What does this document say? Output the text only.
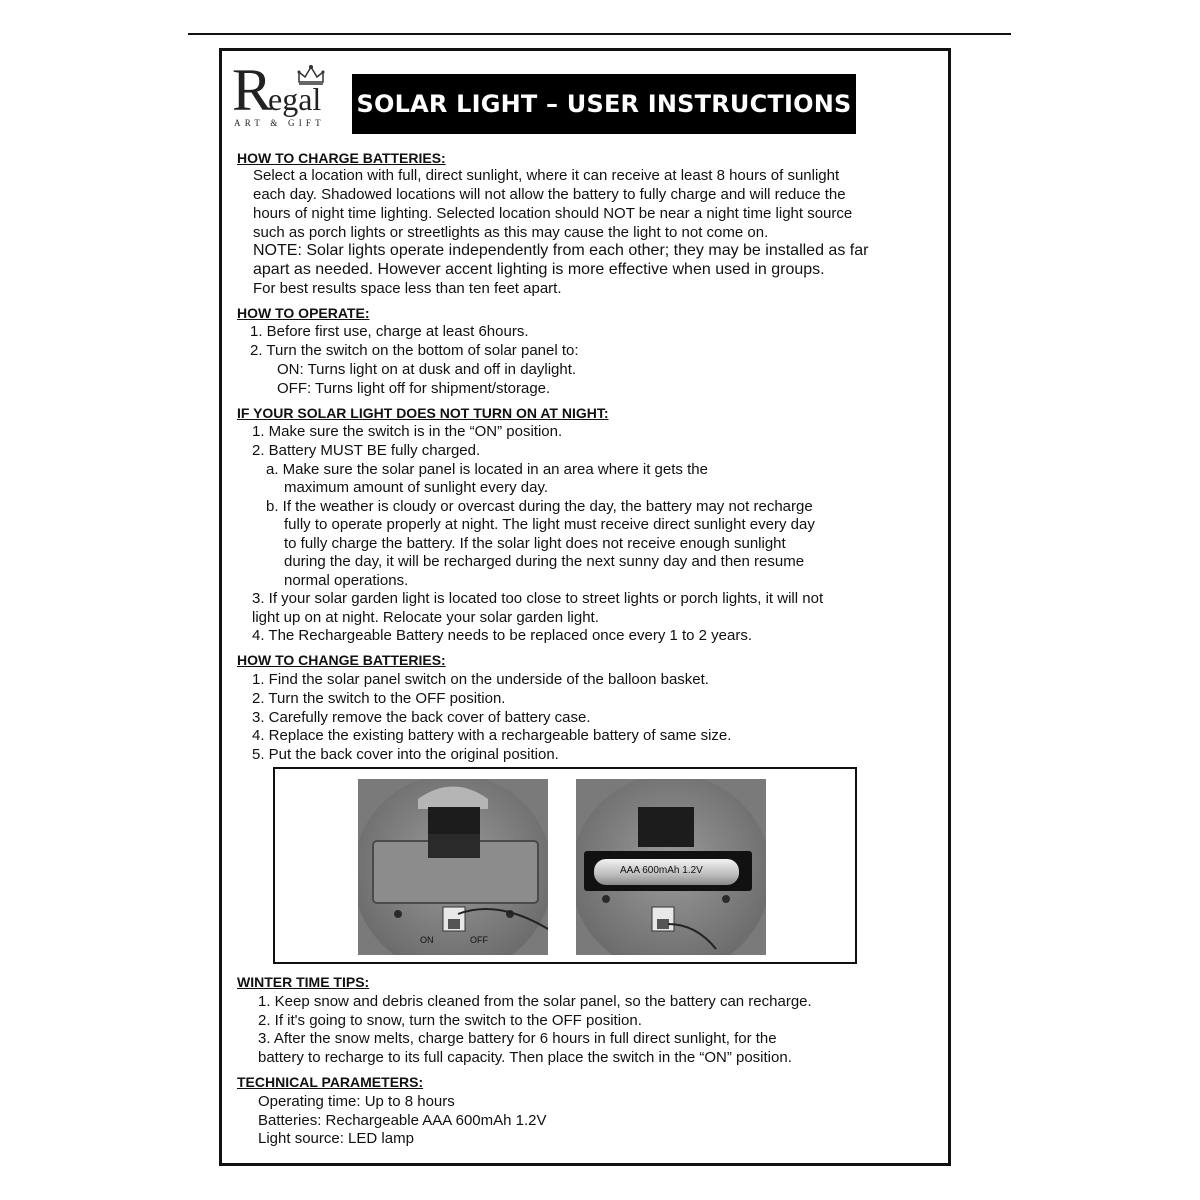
R
egal
ART & GIFT
SOLAR LIGHT – USER INSTRUCTIONS
HOW TO CHARGE BATTERIES:
Select a location with full, direct sunlight, where it can receive at least 8 hours of sunlight
each day. Shadowed locations will not allow the battery to fully charge and will reduce the
hours of night time lighting. Selected location should NOT be near a night time light source
such as porch lights or streetlights as this may cause the light to not come on.
NOTE: Solar lights operate independently from each other; they may be installed as far
apart as needed. However accent lighting is more effective when used in groups.
For best results space less than ten feet apart.
HOW TO OPERATE:
1. Before first use, charge at least 6hours.
2. Turn the switch on the bottom of solar panel to:
ON: Turns light on at dusk and off in daylight.
OFF: Turns light off for shipment/storage.
IF YOUR SOLAR LIGHT DOES NOT TURN ON AT NIGHT:
1. Make sure the switch is in the “ON” position.
2. Battery MUST BE fully charged.
a. Make sure the solar panel is located in an area where it gets the
maximum amount of sunlight every day.
b. If the weather is cloudy or overcast during the day, the battery may not recharge
fully to operate properly at night. The light must receive direct sunlight every day
to fully charge the battery. If the solar light does not receive enough sunlight
during the day, it will be recharged during the next sunny day and then resume
normal operations.
3. If your solar garden light is located too close to street lights or porch lights, it will not
light up on at night. Relocate your solar garden light.
4. The Rechargeable Battery needs to be replaced once every 1 to 2 years.
HOW TO CHANGE BATTERIES:
1. Find the solar panel switch on the underside of the balloon basket.
2. Turn the switch to the OFF position.
3. Carefully remove the back cover of battery case.
4. Replace the existing battery with a rechargeable battery of same size.
5. Put the back cover into the original position.
ON	OFF
AAA 600mAh 1.2V
WINTER TIME TIPS:
1. Keep snow and debris cleaned from the solar panel, so the battery can recharge.
2. If it's going to snow, turn the switch to the OFF position.
3. After the snow melts, charge battery for 6 hours in full direct sunlight, for the
battery to recharge to its full capacity. Then place the switch in the “ON” position.
TECHNICAL PARAMETERS:
Operating time: Up to 8 hours
Batteries: Rechargeable AAA 600mAh 1.2V
Light source: LED lamp
